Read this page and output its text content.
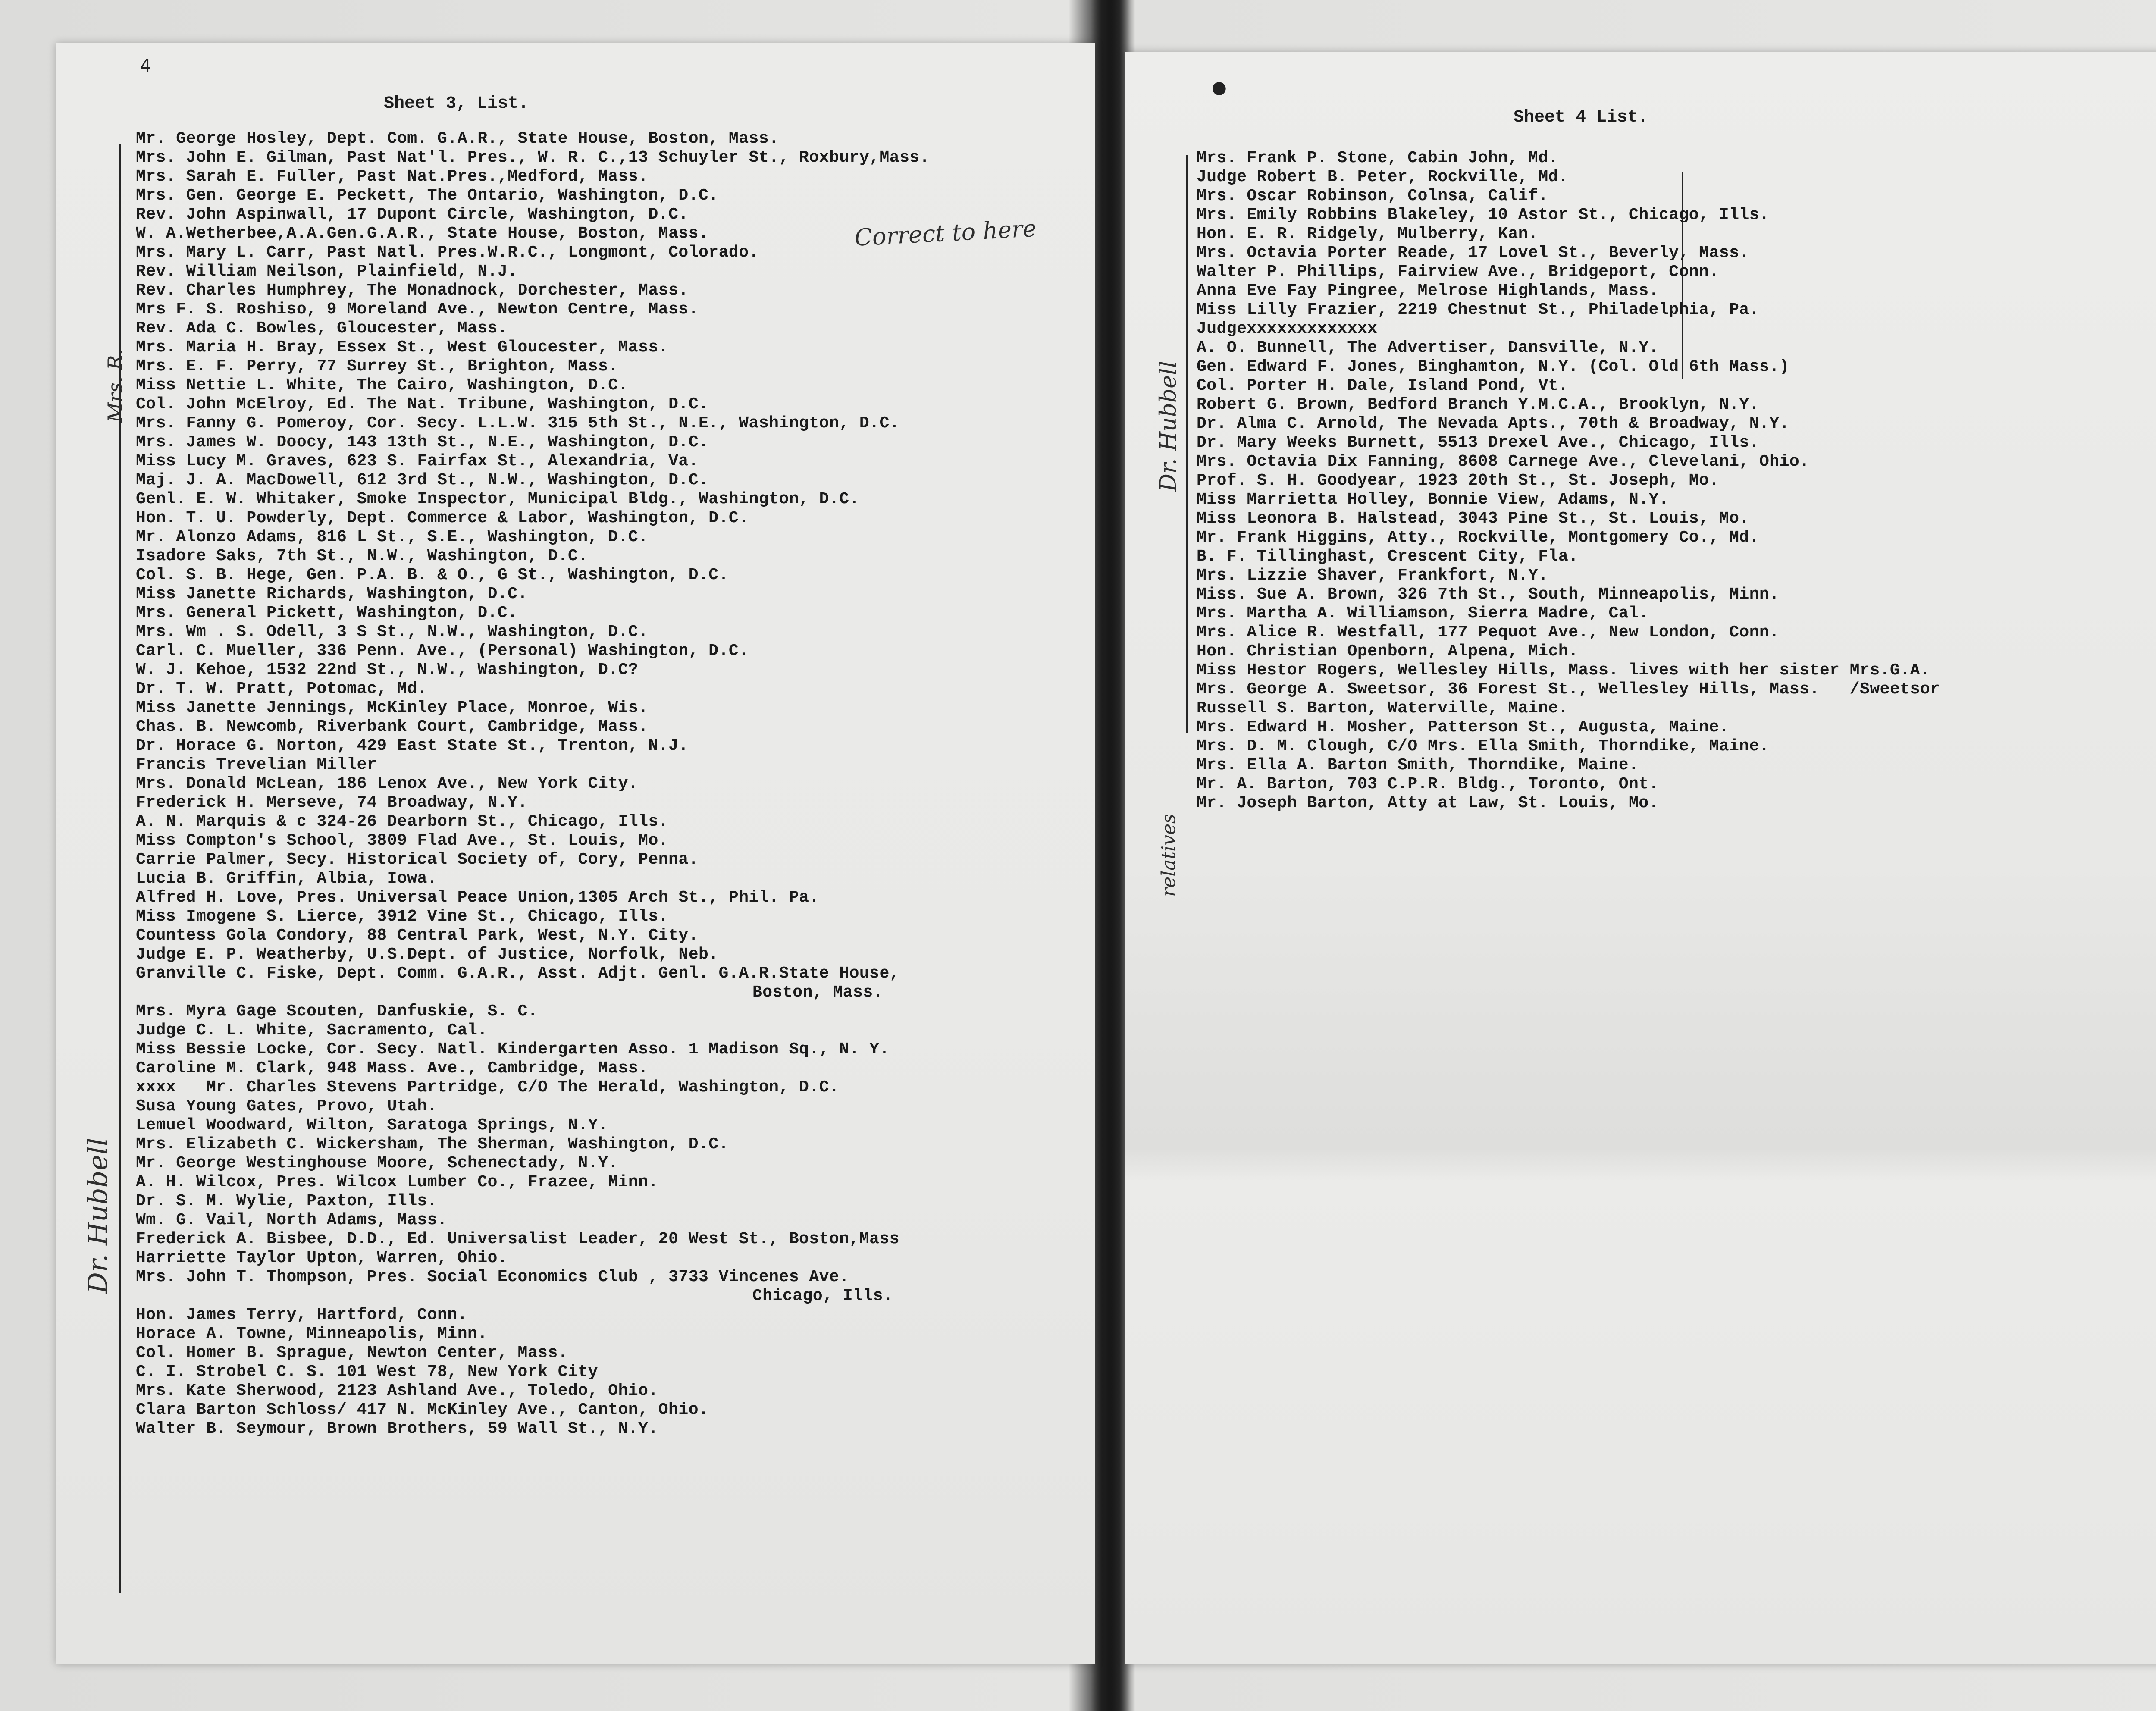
4
Sheet 3, List.
Mr. George Hosley, Dept. Com. G.A.R., State House, Boston, Mass.
Mrs. John E. Gilman, Past Nat'l. Pres., W. R. C.,13 Schuyler St., Roxbury,Mass.
Mrs. Sarah E. Fuller, Past Nat.Pres.,Medford, Mass.
Mrs. Gen. George E. Peckett, The Ontario, Washington, D.C.
Rev. John Aspinwall, 17 Dupont Circle, Washington, D.C.
W. A.Wetherbee,A.A.Gen.G.A.R., State House, Boston, Mass.
Mrs. Mary L. Carr, Past Natl. Pres.W.R.C., Longmont, Colorado.
Rev. William Neilson, Plainfield, N.J.
Rev. Charles Humphrey, The Monadnock, Dorchester, Mass.
Mrs F. S. Roshiso, 9 Moreland Ave., Newton Centre, Mass.
Rev. Ada C. Bowles, Gloucester, Mass.
Mrs. Maria H. Bray, Essex St., West Gloucester, Mass.
Mrs. E. F. Perry, 77 Surrey St., Brighton, Mass.
Miss Nettie L. White, The Cairo, Washington, D.C.
Col. John McElroy, Ed. The Nat. Tribune, Washington, D.C.
Mrs. Fanny G. Pomeroy, Cor. Secy. L.L.W. 315 5th St., N.E., Washington, D.C.
Mrs. James W. Doocy, 143 13th St., N.E., Washington, D.C.
Miss Lucy M. Graves, 623 S. Fairfax St., Alexandria, Va.
Maj. J. A. MacDowell, 612 3rd St., N.W., Washington, D.C.
Genl. E. W. Whitaker, Smoke Inspector, Municipal Bldg., Washington, D.C.
Hon. T. U. Powderly, Dept. Commerce & Labor, Washington, D.C.
Mr. Alonzo Adams, 816 L St., S.E., Washington, D.C.
Isadore Saks, 7th St., N.W., Washington, D.C.
Col. S. B. Hege, Gen. P.A. B. & O., G St., Washington, D.C.
Miss Janette Richards, Washington, D.C.
Mrs. General Pickett, Washington, D.C.
Mrs. Wm . S. Odell, 3 S St., N.W., Washington, D.C.
Carl. C. Mueller, 336 Penn. Ave., (Personal) Washington, D.C.
W. J. Kehoe, 1532 22nd St., N.W., Washington, D.C?
Dr. T. W. Pratt, Potomac, Md.
Miss Janette Jennings, McKinley Place, Monroe, Wis.
Chas. B. Newcomb, Riverbank Court, Cambridge, Mass.
Dr. Horace G. Norton, 429 East State St., Trenton, N.J.
Francis Trevelian Miller
Mrs. Donald McLean, 186 Lenox Ave., New York City.
Frederick H. Merseve, 74 Broadway, N.Y.
A. N. Marquis & c 324-26 Dearborn St., Chicago, Ills.
Miss Compton's School, 3809 Flad Ave., St. Louis, Mo.
Carrie Palmer, Secy. Historical Society of, Cory, Penna.
Lucia B. Griffin, Albia, Iowa.
Alfred H. Love, Pres. Universal Peace Union,1305 Arch St., Phil. Pa.
Miss Imogene S. Lierce, 3912 Vine St., Chicago, Ills.
Countess Gola Condory, 88 Central Park, West, N.Y. City.
Judge E. P. Weatherby, U.S.Dept. of Justice, Norfolk, Neb.
Granville C. Fiske, Dept. Comm. G.A.R., Asst. Adjt. Genl. G.A.R.State House,
Boston, Mass.
Mrs. Myra Gage Scouten, Danfuskie, S. C.
Judge C. L. White, Sacramento, Cal.
Miss Bessie Locke, Cor. Secy. Natl. Kindergarten Asso. 1 Madison Sq., N. Y.
Caroline M. Clark, 948 Mass. Ave., Cambridge, Mass.
xxxx   Mr. Charles Stevens Partridge, C/O The Herald, Washington, D.C.
Susa Young Gates, Provo, Utah.
Lemuel Woodward, Wilton, Saratoga Springs, N.Y.
Mrs. Elizabeth C. Wickersham, The Sherman, Washington, D.C.
Mr. George Westinghouse Moore, Schenectady, N.Y.
A. H. Wilcox, Pres. Wilcox Lumber Co., Frazee, Minn.
Dr. S. M. Wylie, Paxton, Ills.
Wm. G. Vail, North Adams, Mass.
Frederick A. Bisbee, D.D., Ed. Universalist Leader, 20 West St., Boston,Mass
Harriette Taylor Upton, Warren, Ohio.
Mrs. John T. Thompson, Pres. Social Economics Club , 3733 Vincenes Ave.
Chicago, Ills.
Hon. James Terry, Hartford, Conn.
Horace A. Towne, Minneapolis, Minn.
Col. Homer B. Sprague, Newton Center, Mass.
C. I. Strobel C. S. 101 West 78, New York City
Mrs. Kate Sherwood, 2123 Ashland Ave., Toledo, Ohio.
Clara Barton Schloss/ 417 N. McKinley Ave., Canton, Ohio.
Walter B. Seymour, Brown Brothers, 59 Wall St., N.Y.
Correct to here
Mrs. R.
Dr. Hubbell
●
Sheet 4 List.
Mrs. Frank P. Stone, Cabin John, Md.
Judge Robert B. Peter, Rockville, Md.
Mrs. Oscar Robinson, Colnsa, Calif.
Mrs. Emily Robbins Blakeley, 10 Astor St., Chicago, Ills.
Hon. E. R. Ridgely, Mulberry, Kan.
Mrs. Octavia Porter Reade, 17 Lovel St., Beverly, Mass.
Walter P. Phillips, Fairview Ave., Bridgeport, Conn.
Anna Eve Fay Pingree, Melrose Highlands, Mass.
Miss Lilly Frazier, 2219 Chestnut St., Philadelphia, Pa.
Judgexxxxxxxxxxxxx
A. O. Bunnell, The Advertiser, Dansville, N.Y.
Gen. Edward F. Jones, Binghamton, N.Y. (Col. Old 6th Mass.)
Col. Porter H. Dale, Island Pond, Vt.
Robert G. Brown, Bedford Branch Y.M.C.A., Brooklyn, N.Y.
Dr. Alma C. Arnold, The Nevada Apts., 70th & Broadway, N.Y.
Dr. Mary Weeks Burnett, 5513 Drexel Ave., Chicago, Ills.
Mrs. Octavia Dix Fanning, 8608 Carnege Ave., Clevelani, Ohio.
Prof. S. H. Goodyear, 1923 20th St., St. Joseph, Mo.
Miss Marrietta Holley, Bonnie View, Adams, N.Y.
Miss Leonora B. Halstead, 3043 Pine St., St. Louis, Mo.
Mr. Frank Higgins, Atty., Rockville, Montgomery Co., Md.
B. F. Tillinghast, Crescent City, Fla.
Mrs. Lizzie Shaver, Frankfort, N.Y.
Miss. Sue A. Brown, 326 7th St., South, Minneapolis, Minn.
Mrs. Martha A. Williamson, Sierra Madre, Cal.
Mrs. Alice R. Westfall, 177 Pequot Ave., New London, Conn.
Hon. Christian Openborn, Alpena, Mich.
Miss Hestor Rogers, Wellesley Hills, Mass. lives with her sister Mrs.G.A.
Mrs. George A. Sweetsor, 36 Forest St., Wellesley Hills, Mass.   /Sweetsor
Russell S. Barton, Waterville, Maine.
Mrs. Edward H. Mosher, Patterson St., Augusta, Maine.
Mrs. D. M. Clough, C/O Mrs. Ella Smith, Thorndike, Maine.
Mrs. Ella A. Barton Smith, Thorndike, Maine.
Mr. A. Barton, 703 C.P.R. Bldg., Toronto, Ont.
Mr. Joseph Barton, Atty at Law, St. Louis, Mo.
Dr. Hubbell
relatives
